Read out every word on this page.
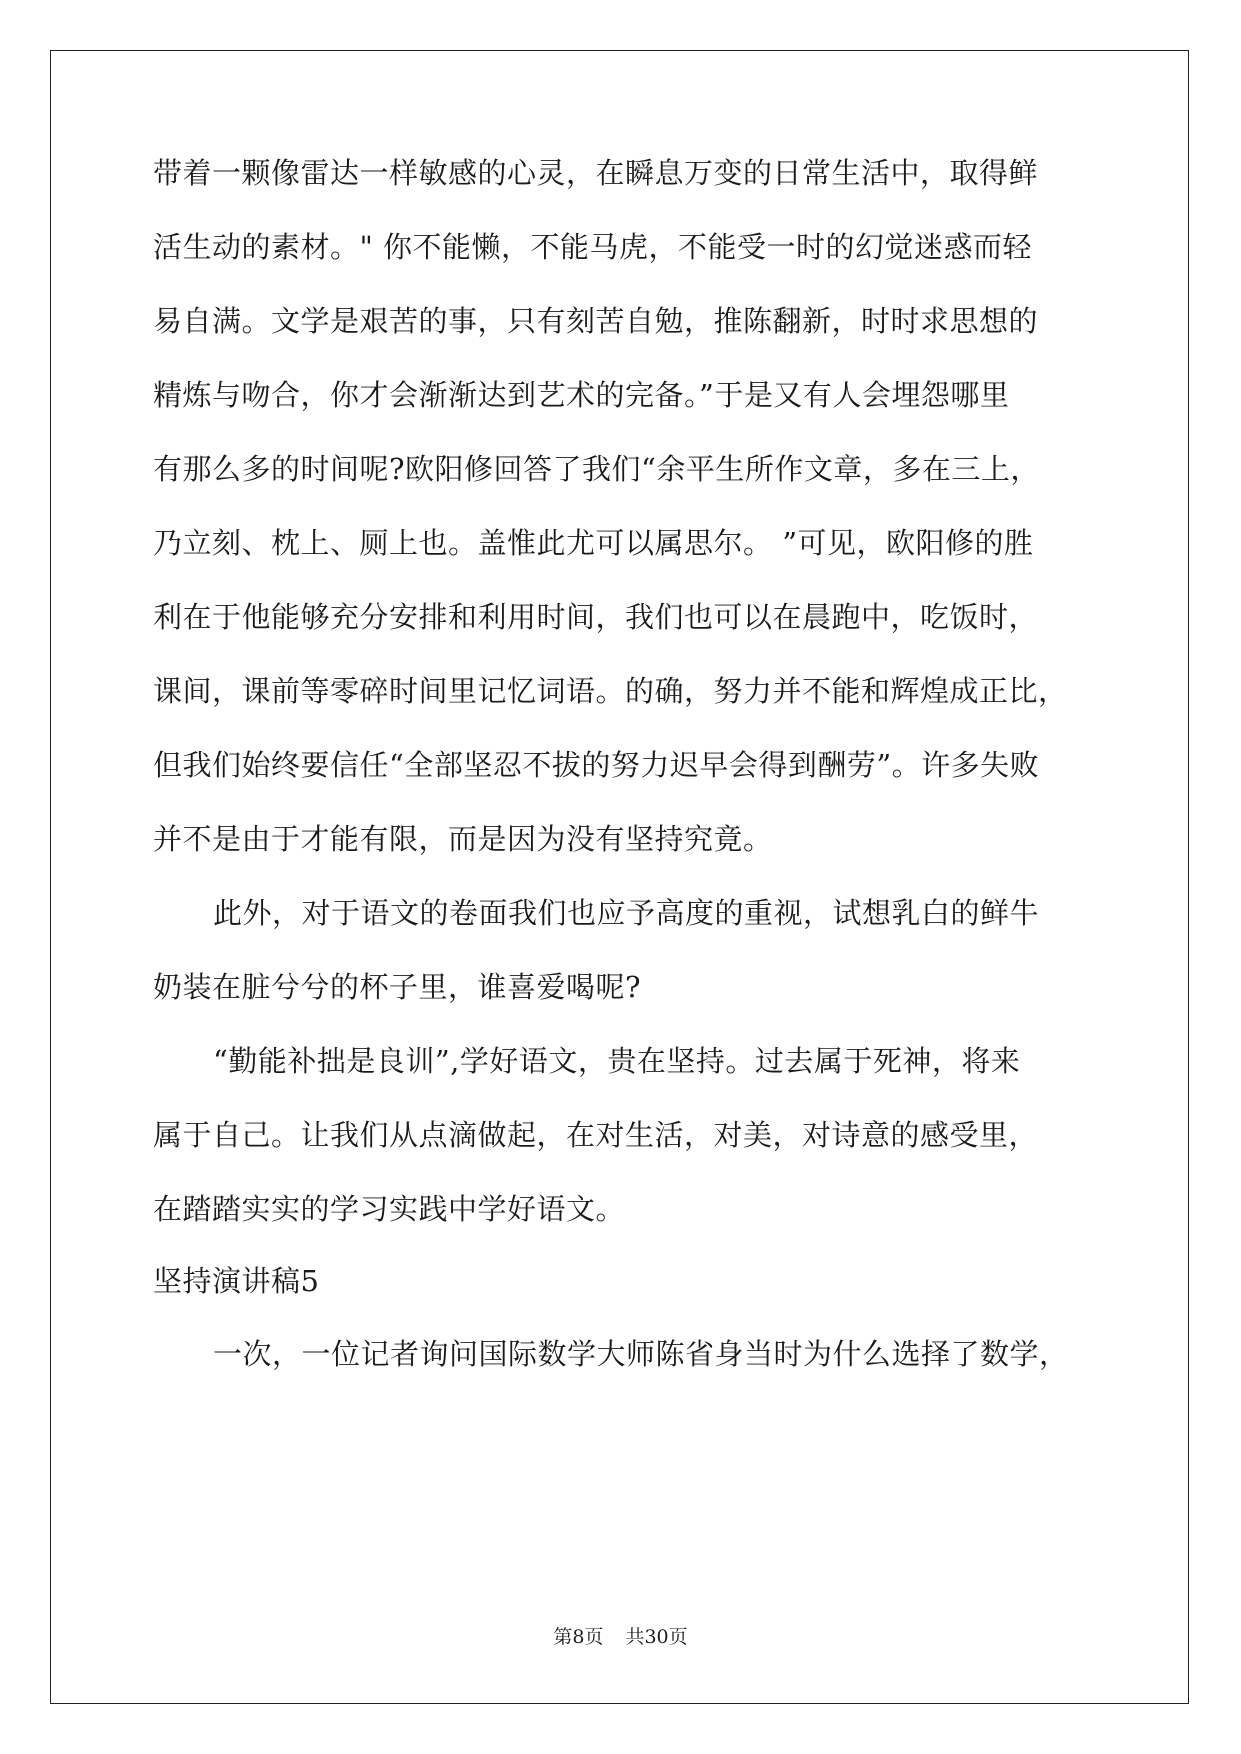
带着一颗像雷达一样敏感的心灵，在瞬息万变的日常生活中，取得鲜
活生动的素材。" 你不能懒，不能马虎，不能受一时的幻觉迷惑而轻
易自满。文学是艰苦的事，只有刻苦自勉，推陈翻新，时时求思想的
精炼与吻合，你才会渐渐达到艺术的完备。”于是又有人会埋怨哪里
有那么多的时间呢?欧阳修回答了我们“余平生所作文章，多在三上，
乃立刻、枕上、厕上也。盖惟此尤可以属思尔。 ”可见，欧阳修的胜
利在于他能够充分安排和利用时间，我们也可以在晨跑中，吃饭时，
课间，课前等零碎时间里记忆词语。的确，努力并不能和辉煌成正比，
但我们始终要信任“全部坚忍不拔的努力迟早会得到酬劳”。许多失败
并不是由于才能有限，而是因为没有坚持究竟。
此外，对于语文的卷面我们也应予高度的重视，试想乳白的鲜牛
奶装在脏兮兮的杯子里，谁喜爱喝呢?
“勤能补拙是良训”,学好语文，贵在坚持。过去属于死神，将来
属于自己。让我们从点滴做起，在对生活，对美，对诗意的感受里，
在踏踏实实的学习实践中学好语文。
坚持演讲稿5
一次，一位记者询问国际数学大师陈省身当时为什么选择了数学，
第8页 共30页
